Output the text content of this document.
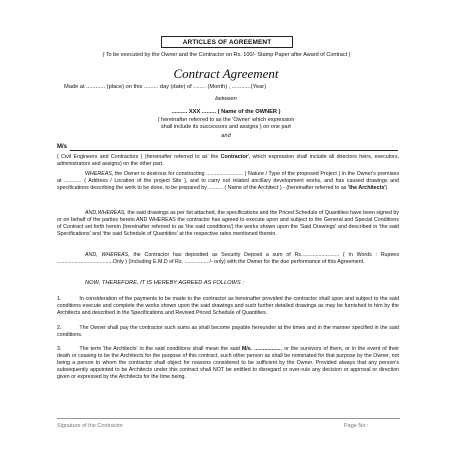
ARTICLES OF AGREEMENT
( To be executed by the Owner and the Contractor on Rs. 100/- Stamp Paper after Award of Contract )
Contract Agreement
Made at ............ (place) on this ......... day (date) of ........ (Month) , ............(Year)
between
.......... XXX ......... ( Name of the OWNER )
( hereinafter referred to as the 'Owner' which expression
shall include its successors and assigns ) on one part
and
M/s
( Civil Engineers and Contractors ) (hereinafter referred to as' the Contractor', which expression shall include all directors heirs, executors, administrators and assigns) on the other part.
WHEREAS, the Owner is desirous for constructing ......................... ( Nature / Type of the proposed Project ) in the Owner's premises at ............ ( Address / Location of the project Site ), and to carry out related ancillary development works, and has caused drawings and specifications describing the work to be done, to be prepared by .......... ( Name of the Architect ) - (hereinafter referred to as 'the Architects')
AND,WHEREAS, the said drawings as per list attached, the specifications and the Priced Schedule of Quantities have been signed by or on behalf of the parties hereto AND WHEREAS the contractor has agreed to execute upon and subject to the General and Special Conditions of Contract set forth herein (hereinafter referred to as 'the said conditions') the works shown upon the 'Said Drawings' and described in 'the said Specifications' and 'the said Schedule of Quantities' at the respective rates mentioned therein.
AND, WHEREAS, the Contractor has deposited as Security Deposit a sum of Rs.......................... ( In Words : Rupees ......................................Only ) (Including E.M.D of Rs. ................ /- only) with the Owner for the due performance of this Agreement.
NOW, THEREFORE, IT IS HEREBY AGREED AS FOLLOWS :
1.	In consideration of the payments to be made to the contractor as hereinafter provided the contractor shall upon and subject to the said conditions execute and complete the works shown upon the said drawings and such further detailed drawings as may be furnished to him by the Architects and described in the Specifications and Revised Priced Schedule of Quantities.
2.	The Owner shall pay the contractor such sums as shall become payable hereunder at the times and in the manner specified in the said conditions.
3.	The term 'the Architects' in the said conditions shall mean the said M/s. .................., or the survivors of them, or in the event of their death or ceasing to be the Architects for the purpose of this contract, such other person as shall be nominated for that purpose by the Owner, not being a person to whom the contractor shall object for reasons considered to be sufficient by the Owner. Provided always that any person's subsequently appointed to be Architects under this contract shall NOT be entitled to disregard or over-rule any decision or approval or direction given or expressed by the Architects for the time being.
Signature of the Contractor	Page No :
